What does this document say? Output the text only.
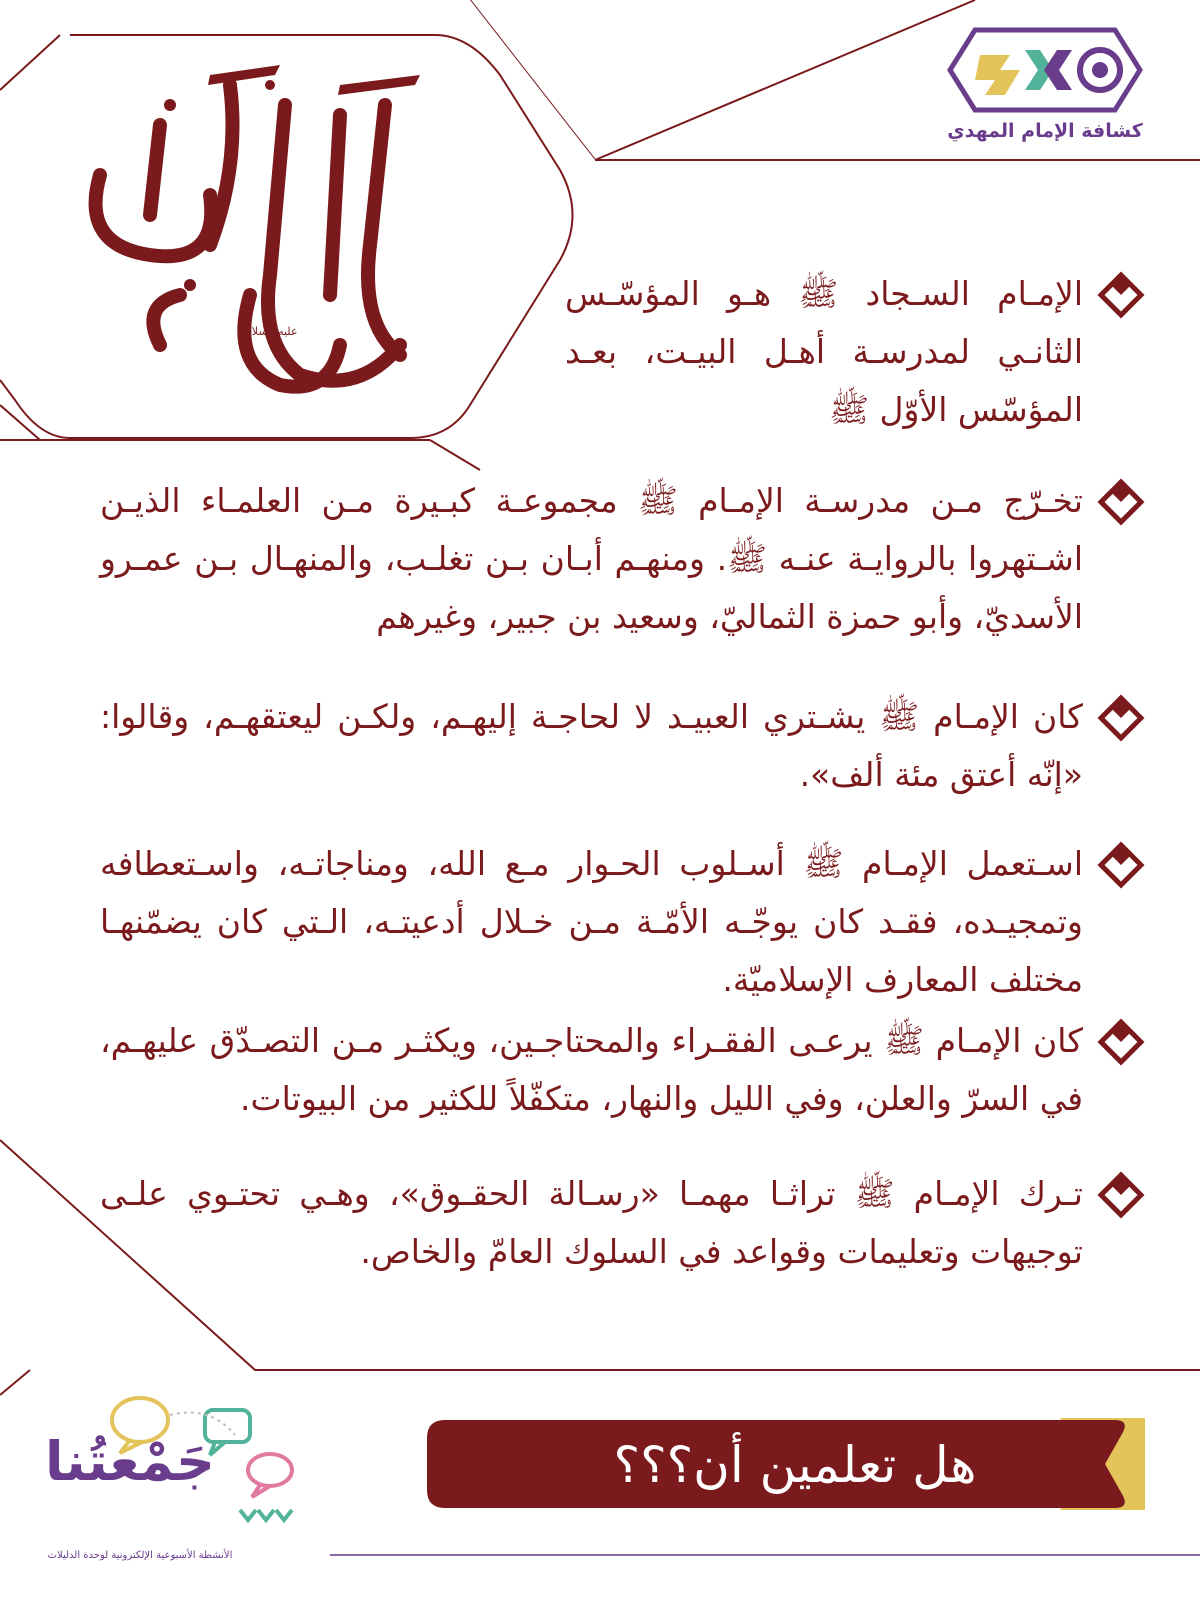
كشافة الإمام المهدي
عليه السلام
الإمـام السـجاد ﷺ هـو المؤسّـس الثانـي لمدرسـة أهـل البيـت، بعـد المؤسّس الأوّل ﷺ
تخـرّج مـن مدرسـة الإمـام ﷺ مجموعـة كبـيرة مـن العلمـاء الذيـن اشـتهروا بالروايـة عنـه ﷺ. ومنهـم أبـان بـن تغلـب، والمنهـال بـن عمـرو الأسديّ، وأبو حمزة الثماليّ، وسعيد بن جبير، وغيرهم
كان الإمـام ﷺ يشـتري العبيـد لا لحاجـة إليهـم، ولكـن ليعتقهـم، وقالوا: «إنّه أعتق مئة ألف».
اسـتعمل الإمـام ﷺ أسـلوب الحـوار مـع الله، ومناجاتـه، واسـتعطافه وتمجيـده، فقـد كان يوجّـه الأمّـة مـن خـلال أدعيتـه، الـتي كان يضمّنهـا مختلف المعارف الإسلاميّة.
كان الإمـام ﷺ يرعـى الفقـراء والمحتاجـين، ويكثـر مـن التصـدّق عليهـم، في السرّ والعلن، وفي الليل والنهار، متكفّلاً للكثير من البيوتات.
تـرك الإمـام ﷺ تراثـا مهمـا «رسـالة الحقـوق»، وهـي تحتـوي علـى توجيهات وتعليمات وقواعد في السلوك العامّ والخاص.
هل تعلمين أن؟؟؟
جَمْعتُنا
الأنشطة الأسبوعية الإلكترونية لوحدة الدليلات
